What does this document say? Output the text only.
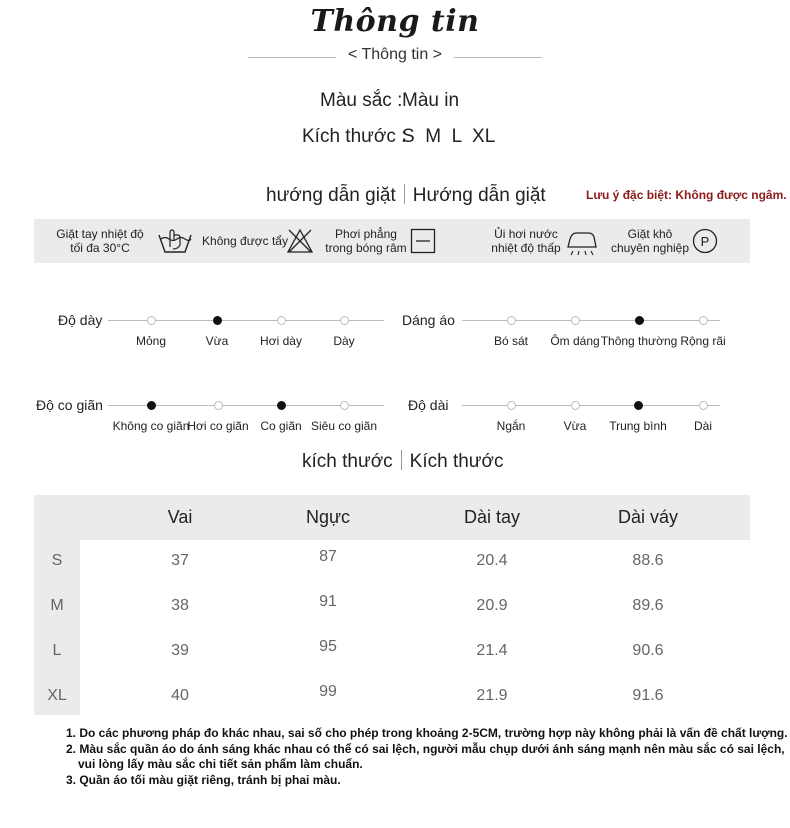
Thông tin
< Thông tin >
Màu sắc : Màu in
Kích thước :
S  M  L  XL
hướng dẫn giặt Hướng dẫn giặt	Lưu ý đặc biệt: Không được ngâm.
Giặt tay nhiệt độ
tối đa 30°C	Không được tẩy	Phơi phẳng
trong bóng râm
Ủi hơi nước
nhiệt độ thấp
Giặt khô
chuyên nghiệp P
Độ dày
Mỏng	Vừa	Hơi dày	Dày
Dáng áo
Bó sát Ôm dáng Thông thường Rộng rãi
Độ co giãn
Không co giãn
Hơi co giãn Co giãn Siêu co giãn
Độ dài
Ngắn	Vừa Trung bình Dài
kích thước Kích thước
Vai	Ngực	Dài tay	Dài váy
S	37	87	20.4	88.6
M	38	91	20.9	89.6
L	39	95	21.4	90.6
XL	40	99	21.9	91.6
1. Do các phương pháp đo khác nhau, sai số cho phép trong khoảng 2-5CM, trường hợp này không phải là vấn đề chất lượng.
2. Màu sắc quần áo do ánh sáng khác nhau có thể có sai lệch, người mẫu chụp dưới ánh sáng mạnh nên màu sắc có sai lệch,
vui lòng lấy màu sắc chi tiết sản phẩm làm chuẩn.
3. Quần áo tối màu giặt riêng, tránh bị phai màu.
